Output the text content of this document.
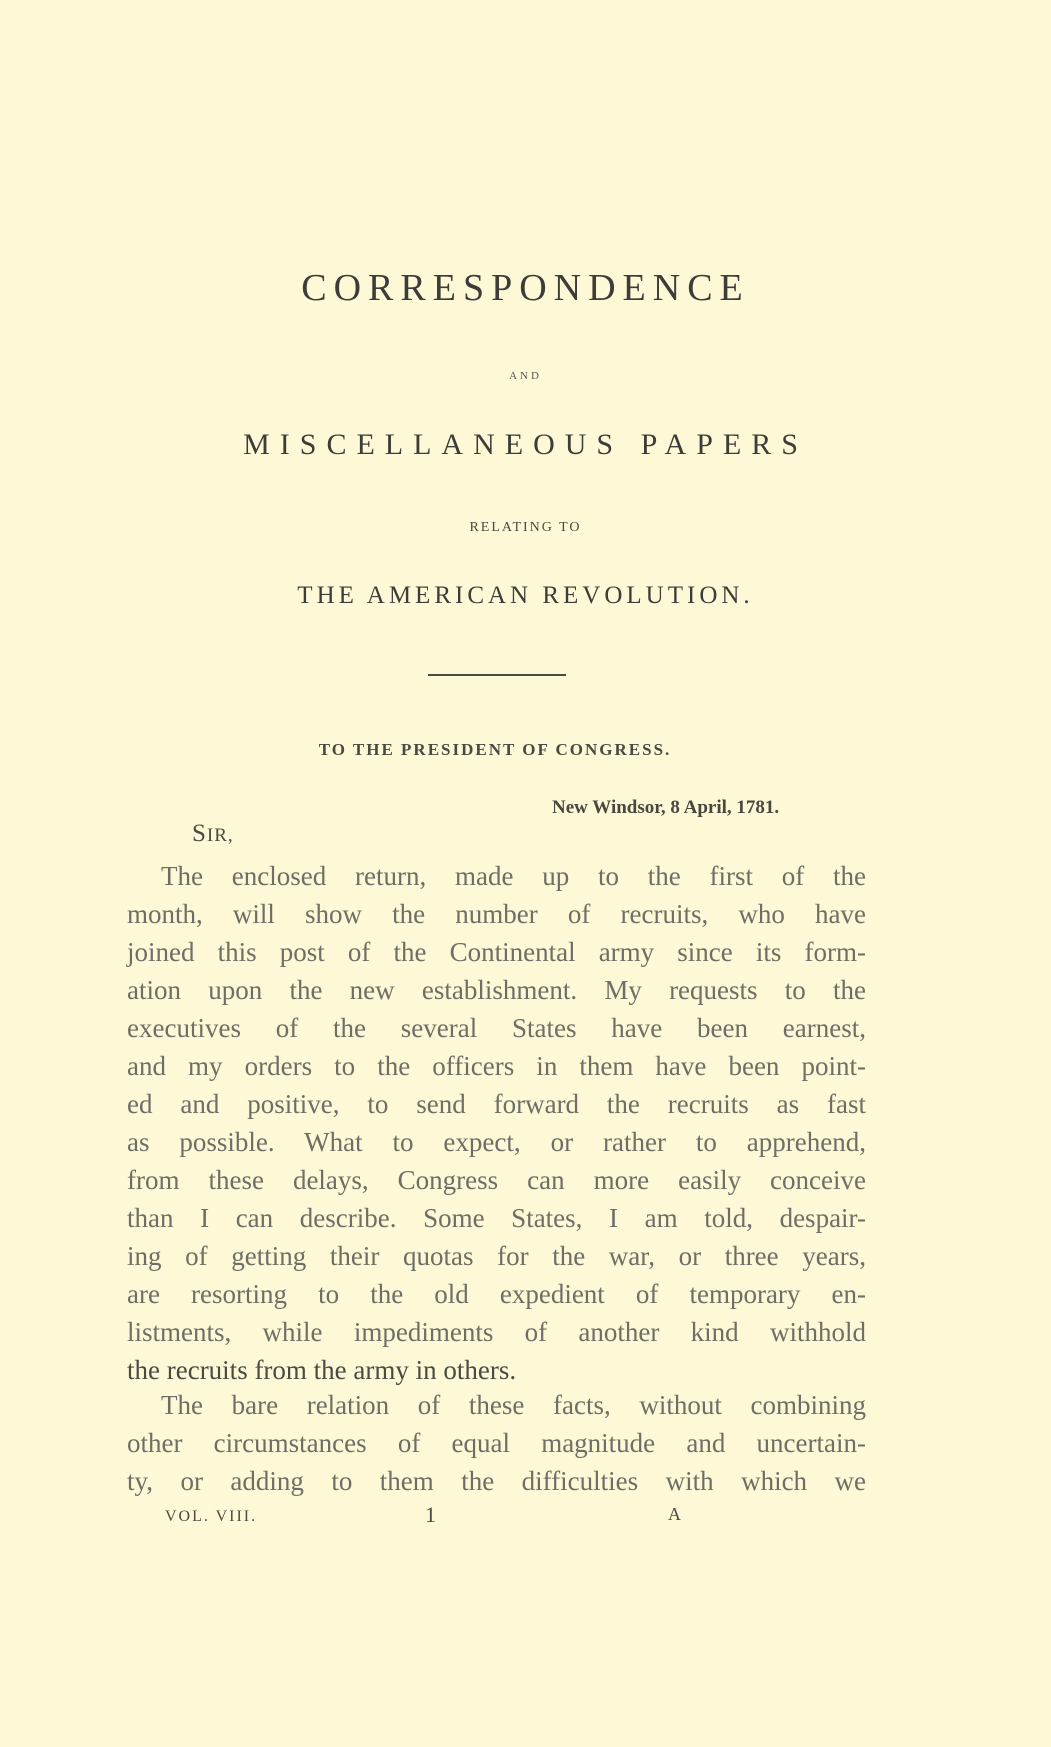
CORRESPONDENCE
AND
MISCELLANEOUS PAPERS
RELATING TO
THE AMERICAN REVOLUTION.
TO THE PRESIDENT OF CONGRESS.
New Windsor, 8 April, 1781.
SIR,
The enclosed return, made up to the first of the
month, will show the number of recruits, who have
joined this post of the Continental army since its form-
ation upon the new establishment. My requests to the
executives of the several States have been earnest,
and my orders to the officers in them have been point-
ed and positive, to send forward the recruits as fast
as possible. What to expect, or rather to apprehend,
from these delays, Congress can more easily conceive
than I can describe. Some States, I am told, despair-
ing of getting their quotas for the war, or three years,
are resorting to the old expedient of temporary en-
listments, while impediments of another kind withhold
the recruits from the army in others.
The bare relation of these facts, without combining
other circumstances of equal magnitude and uncertain-
ty, or adding to them the difficulties with which we
VOL. VIII.	1	A
